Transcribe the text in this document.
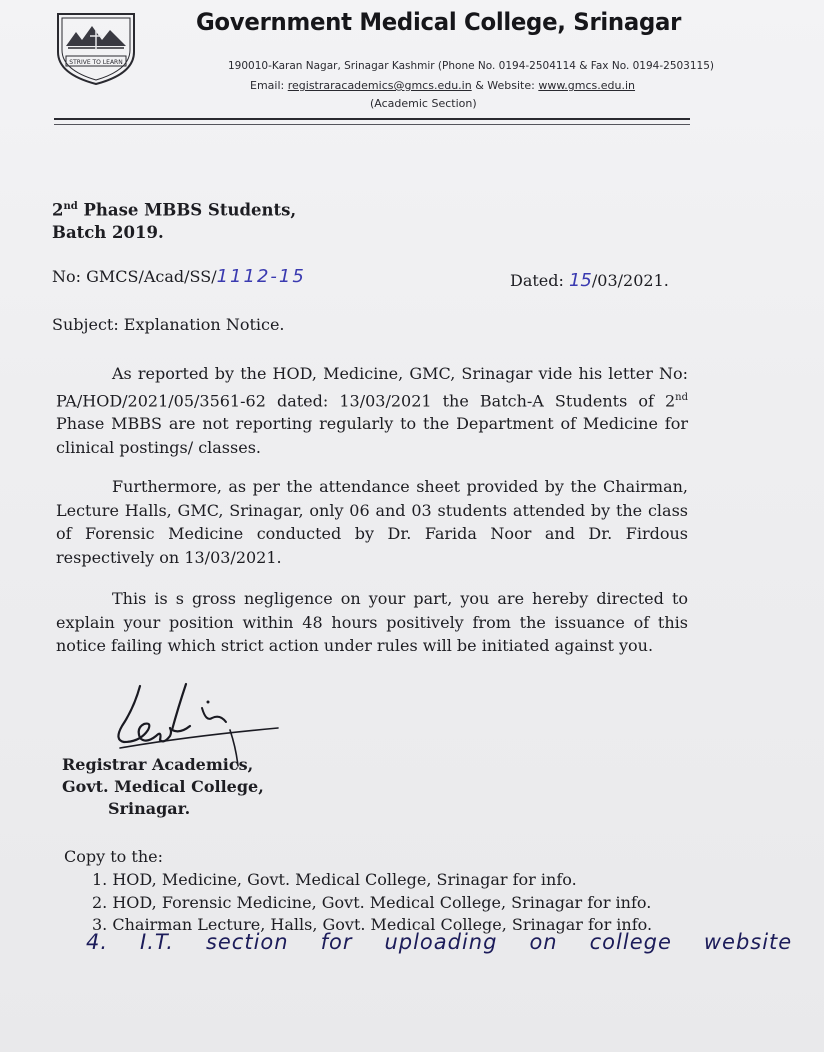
STRIVE TO LEARN
Government Medical College, Srinagar
190010-Karan Nagar, Srinagar Kashmir (Phone No. 0194-2504114 & Fax No. 0194-2503115)
Email: registraracademics@gmcs.edu.in & Website: www.gmcs.edu.in
(Academic Section)
2nd Phase MBBS Students,
Batch 2019.
No: GMCS/Acad/SS/1112-15	Dated: 15/03/2021.
Subject: Explanation Notice.
As reported by the HOD, Medicine, GMC, Srinagar vide his letter No: PA/HOD/2021/05/3561-62 dated: 13/03/2021 the Batch-A Students of 2nd Phase MBBS are not reporting regularly to the Department of Medicine for clinical postings/ classes.
Furthermore, as per the attendance sheet provided by the Chairman, Lecture Halls, GMC, Srinagar, only 06 and 03 students attended by the class of Forensic Medicine conducted by Dr. Farida Noor and Dr. Firdous respectively on 13/03/2021.
This is s gross negligence on your part, you are hereby directed to explain your position within 48 hours positively from the issuance of this notice failing which strict action under rules will be initiated against you.
Registrar Academics,
Govt. Medical College,
Srinagar.
Copy to the:
1. HOD, Medicine, Govt. Medical College, Srinagar for info.
2. HOD, Forensic Medicine, Govt. Medical College, Srinagar for info.
3. Chairman Lecture, Halls, Govt. Medical College, Srinagar for info.
4. I.T. section for uploading on college website
